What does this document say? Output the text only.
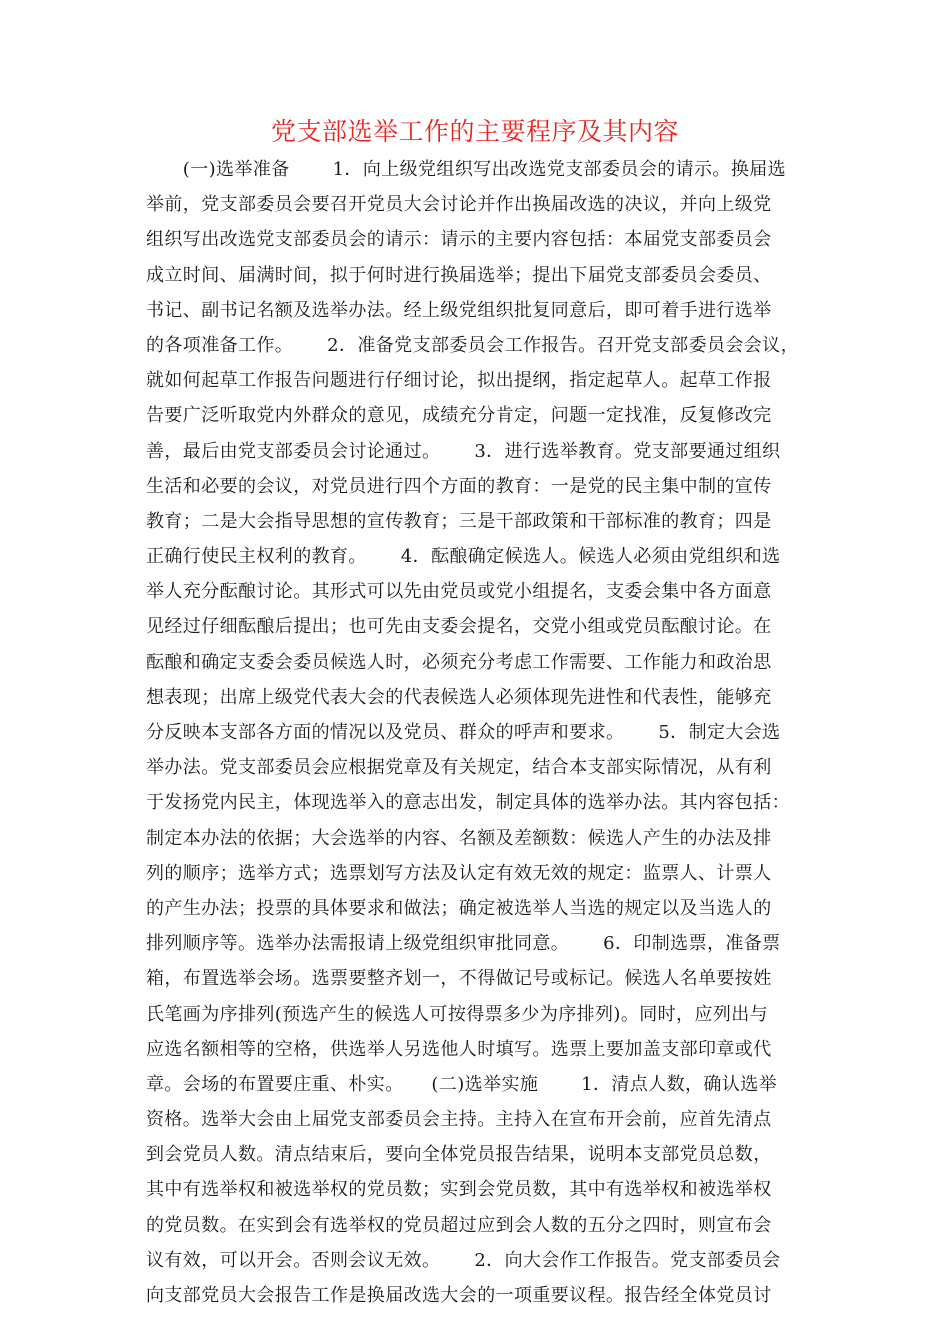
党支部选举工作的主要程序及其内容
　　(一)选举准备　　 1．向上级党组织写出改选党支部委员会的请示。换届选
举前，党支部委员会要召开党员大会讨论并作出换届改选的决议，并向上级党
组织写出改选党支部委员会的请示：请示的主要内容包括：本届党支部委员会
成立时间、届满时间，拟于何时进行换届选举；提出下届党支部委员会委员、
书记、副书记名额及选举办法。经上级党组织批复同意后，即可着手进行选举
的各项准备工作。　　 2．准备党支部委员会工作报告。召开党支部委员会会议，
就如何起草工作报告问题进行仔细讨论，拟出提纲，指定起草人。起草工作报
告要广泛听取党内外群众的意见，成绩充分肯定，问题一定找准，反复修改完
善，最后由党支部委员会讨论通过。　　 3．进行选举教育。党支部要通过组织
生活和必要的会议，对党员进行四个方面的教育：一是党的民主集中制的宣传
教育；二是大会指导思想的宣传教育；三是干部政策和干部标准的教育；四是
正确行使民主权利的教育。　　 4．酝酿确定候选人。候选人必须由党组织和选
举人充分酝酿讨论。其形式可以先由党员或党小组提名，支委会集中各方面意
见经过仔细酝酿后提出；也可先由支委会提名，交党小组或党员酝酿讨论。在
酝酿和确定支委会委员候选人时，必须充分考虑工作需要、工作能力和政治思
想表现；出席上级党代表大会的代表候选人必须体现先进性和代表性，能够充
分反映本支部各方面的情况以及党员、群众的呼声和要求。　　 5．制定大会选
举办法。党支部委员会应根据党章及有关规定，结合本支部实际情况，从有利
于发扬党内民主，体现选举入的意志出发，制定具体的选举办法。其内容包括：
制定本办法的依据；大会选举的内容、名额及差额数：候选人产生的办法及排
列的顺序；选举方式；选票划写方法及认定有效无效的规定：监票人、计票人
的产生办法；投票的具体要求和做法；确定被选举人当选的规定以及当选人的
排列顺序等。选举办法需报请上级党组织审批同意。　　 6．印制选票，准备票
箱，布置选举会场。选票要整齐划一，不得做记号或标记。候选人名单要按姓
氏笔画为序排列(预选产生的候选人可按得票多少为序排列)。同时，应列出与
应选名额相等的空格，供选举人另选他人时填写。选票上要加盖支部印章或代
章。会场的布置要庄重、朴实。　　(二)选举实施　　 1．清点人数，确认选举
资格。选举大会由上届党支部委员会主持。主持入在宣布开会前，应首先清点
到会党员人数。清点结束后，要向全体党员报告结果，说明本支部党员总数，
其中有选举权和被选举权的党员数；实到会党员数，其中有选举权和被选举权
的党员数。在实到会有选举权的党员超过应到会人数的五分之四时，则宣布会
议有效，可以开会。否则会议无效。　　 2．向大会作工作报告。党支部委员会
向支部党员大会报告工作是换届改选大会的一项重要议程。报告经全体党员讨
